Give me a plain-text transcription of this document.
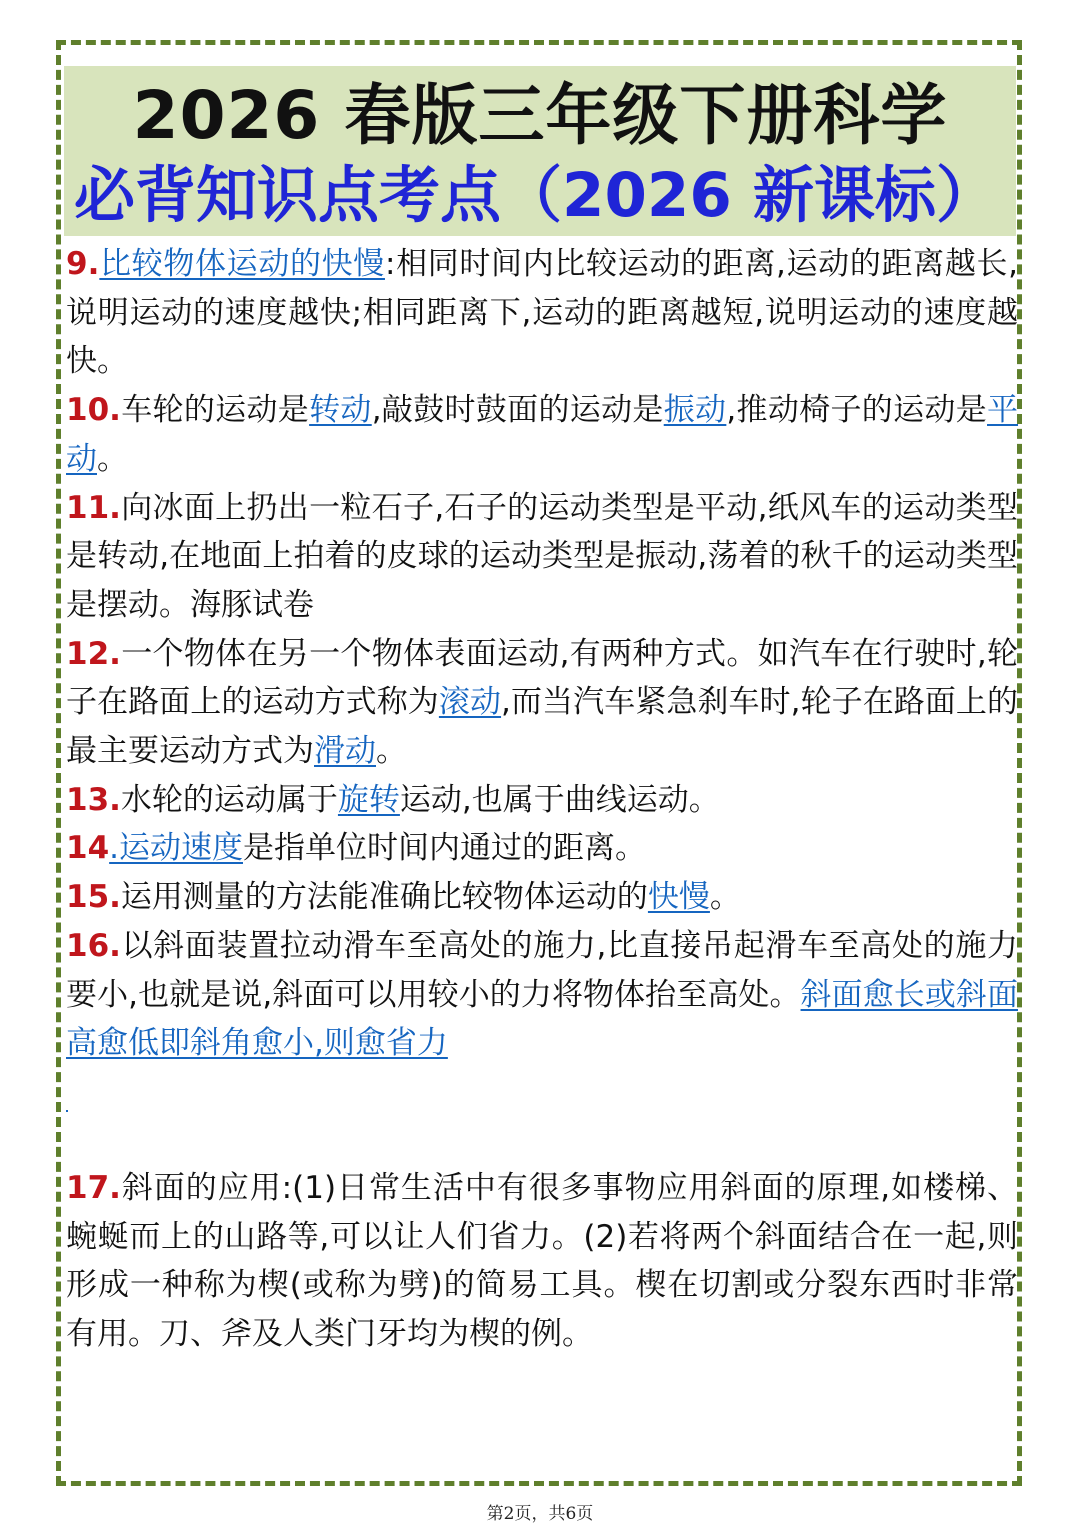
2026 春版三年级下册科学
必背知识点考点（2026 新课标）

9.比较物体运动的快慢:相同时间内比较运动的距离,运动的距离越长,说明运动的速度越快;相同距离下,运动的距离越短,说明运动的速度越快。

10.车轮的运动是转动,敲鼓时鼓面的运动是振动,推动椅子的运动是平动。

11.向冰面上扔出一粒石子,石子的运动类型是平动,纸风车的运动类型是转动,在地面上拍着的皮球的运动类型是振动,荡着的秋千的运动类型是摆动。海豚试卷

12.一个物体在另一个物体表面运动,有两种方式。如汽车在行驶时,轮子在路面上的运动方式称为滚动,而当汽车紧急刹车时,轮子在路面上的最主要运动方式为滑动。

13.水轮的运动属于旋转运动,也属于曲线运动。

14.运动速度是指单位时间内通过的距离。

15.运用测量的方法能准确比较物体运动的快慢。

16.以斜面装置拉动滑车至高处的施力,比直接吊起滑车至高处的施力要小,也就是说,斜面可以用较小的力将物体抬至高处。斜面愈长或斜面高愈低即斜角愈小,则愈省力

17.斜面的应用:(1)日常生活中有很多事物应用斜面的原理,如楼梯、蜿蜒而上的山路等,可以让人们省力。(2)若将两个斜面结合在一起,则形成一种称为楔(或称为劈)的简易工具。楔在切割或分裂东西时非常有用。刀、斧及人类门牙均为楔的例。

第2页，共6页
